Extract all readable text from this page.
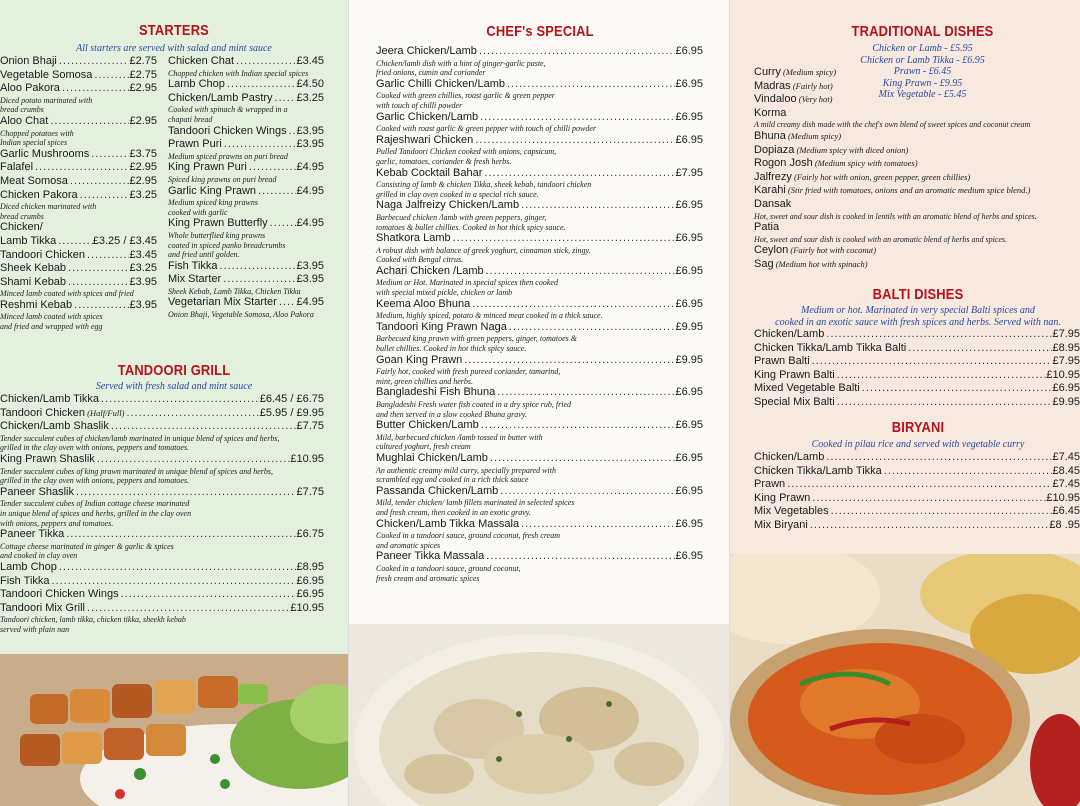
STARTERS
All starters are served with salad and mint sauce
Onion Bhaji .....	£2.75
Vegetable Somosa .....	£2.75
Aloo Pakora .....	£2.95
Diced potato marinated with
bread crumbs
Aloo Chat .....	£2.95
Chopped potatoes with
Indian special spices
Garlic Mushrooms .....	£3.75
Falafel .....	£2.95
Meat Somosa .....	£2.95
Chicken Pakora .....	£3.25
Diced chicken marinated with
bread crumbs
Chicken/
Lamb Tikka .....	£3.25 / £3.45
Tandoori Chicken .....	£3.45
Sheek Kebab .....	£3.25
Shami Kebab .....	£3.95
Minced lamb coated with spices and fried
Reshmi Kebab .....	£3.95
Minced lamb coated with spices
and fried and wrapped with egg
Chicken Chat .....	£3.45
Chopped chicken with Indian special spices
Lamb Chop .....	£4.50
Chicken/Lamb Pastry ..... £3.25
Cooked with spinach & wrapped in a
chapati bread
Tandoori Chicken Wings ..... £3.95
Prawn Puri .....	£3.95
Medium spiced prawns on puri bread
King Prawn Puri .....	£4.95
Spiced king prawns on puri bread
Garlic King Prawn .....	£4.95
Medium spiced king prawns
cooked with garlic
King Prawn Butterfly .....	£4.95
Whole butterflied king prawns
coated in spiced panko breadcrumbs
and fried until golden.
Fish Tikka .....	£3.95
Mix Starter .....	£3.95
Sheek Kebab, Lamb Tikka, Chicken Tikka
Vegetarian Mix Starter ..... £4.95
Onion Bhaji, Vegetable Somosa, Aloo Pakora
TANDOORI GRILL
Served with fresh salad and mint sauce
Chicken/Lamb Tikka .....	£6.45 / £6.75
Tandoori Chicken (Half/Full) .....	£5.95 / £9.95
Chicken/Lamb Shaslik .....	£7.75
Tender succulent cubes of chicken/lamb marinated in unique blend of spices and herbs,
grilled in the clay oven with onions, peppers and tomatoes.
King Prawn Shaslik .....	£10.95
Tender succulent cubes of king prawn marinated in unique blend of spices and herbs,
grilled in the clay oven with onions, peppers and tomatoes.
Paneer Shaslik .....	£7.75
Tender succulent cubes of Indian cottage cheese marinated
in unique blend of spices and herbs, grilled in the clay oven
with onions, peppers and tomatoes.
Paneer Tikka .....	£6.75
Cottage cheese marinated in ginger & garlic & spices
and cooked in clay oven
Lamb Chop .....	£8.95
Fish Tikka .....	£6.95
Tandoori Chicken Wings .....	£6.95
Tandoori Mix Grill .....	£10.95
Tandoori chicken, lamb tikka, chicken tikka, sheekh kebab
served with plain nan
CHEF's SPECIAL
Jeera Chicken/Lamb .....	£6.95
Chicken/lamb dish with a hint of ginger-garlic paste,
fried onions, cumin and coriander
Garlic Chilli Chicken/Lamb .....	£6.95
Cooked with green chillies, roast garlic & green pepper
with touch of chilli powder
Garlic Chicken/Lamb .....	£6.95
Cooked with roast garlic & green pepper with touch of chilli powder
Rajeshwari Chicken .....	£6.95
Pulled Tandoori Chicken cooked with onions, capsicum,
garlic, tomatoes, coriander & fresh herbs.
Kebab Cocktail Bahar .....	£7.95
Consisting of lamb & chicken Tikka, sheek kebab, tandoori chicken
grilled in clay oven cooked in a special rich sauce.
Naga Jalfreizy Chicken/Lamb .....	£6.95
Barbecued chicken /lamb with green peppers, ginger,
tomatoes & bullet chillies. Cooked in hot thick spicy sauce.
Shatkora Lamb .....	£6.95
A robust dish with balance of greek yoghurt, cinnamon stick, zingy.
Cooked with Bengal citrus.
Achari Chicken /Lamb .....	£6.95
Medium or Hot. Marinated in special spices then cooked
with special mixed pickle, chicken or lamb
Keema Aloo Bhuna .....	£6.95
Medium, highly spiced, potato & minced meat cooked in a thick sauce.
Tandoori King Prawn Naga .....	£9.95
Barbecued king prawn with green peppers, ginger, tomatoes &
bullet chillies. Cooked in hot thick spicy sauce.
Goan King Prawn .....	£9.95
Fairly hot, cooked with fresh pureed coriander, tamarind,
mint, green chillies and herbs.
Bangladeshi Fish Bhuna .....	£6.95
Bangladeshi Fresh water fish coated in a dry spice rub, fried
and then served in a slow cooked Bhuna gravy.
Butter Chicken/Lamb .....	£6.95
Mild, barbecued chicken /lamb tossed in butter with
cultured yoghurt, fresh cream
Mughlai Chicken/Lamb .....	£6.95
An authentic creamy mild curry, specially prepared with
scrambled egg and cooked in a rich thick sauce
Passanda Chicken/Lamb .....	£6.95
Mild, tender chicken/ lamb fillets marinated in selected spices
and fresh cream, then cooked in an exotic gravy.
Chicken/Lamb Tikka Massala .....	£6.95
Cooked in a tandoori sauce, ground coconut, fresh cream
and aromatic spices
Paneer Tikka Massala .....	£6.95
Cooked in a tandoori sauce, ground coconut,
fresh cream and aromatic spices
TRADITIONAL DISHES
Chicken or Lamb - £5.95
Chicken or Lamb Tikka - £6.95
Prawn - £6.45
King Prawn - £9.95
Mix Vegetable - £5.45
Curry (Medium spicy)
Madras (Fairly hot)
Vindaloo (Very hot)
Korma
A mild creamy dish made with the chef's own blend of sweet spices and coconut cream
Bhuna (Medium spicy)
Dopiaza (Medium spicy with diced onion)
Rogon Josh (Medium spicy with tomatoes)
Jalfrezy (Fairly hot with onion, green pepper, green chillies)
Karahi (Stir fried with tomatoes, onions and an aromatic medium spice blend.)
Dansak
Hot, sweet and sour dish is cooked in lentils with an aromatic blend of herbs and spices.
Patia
Hot, sweet and sour dish is cooked with an aromatic blend of herbs and spices.
Ceylon (Fairly hot with coconut)
Sag (Medium hot with spinach)
BALTI DISHES
Medium or hot. Marinated in very special Balti spices and
cooked in an exotic sauce with fresh spices and herbs. Served with nan.
Chicken/Lamb .....	£7.95
Chicken Tikka/Lamb Tikka Balti .....	£8.95
Prawn Balti .....	£7.95
King Prawn Balti .....	£10.95
Mixed Vegetable Balti .....	£6.95
Special Mix Balti .....	£9.95
BIRYANI
Cooked in pilau rice and served with vegetable curry
Chicken/Lamb .....	£7.45
Chicken Tikka/Lamb Tikka .....	£8.45
Prawn .....	£7.45
King Prawn .....	£10.95
Mix Vegetables .....	£6.45
Mix Biryani .....	£8 .95
